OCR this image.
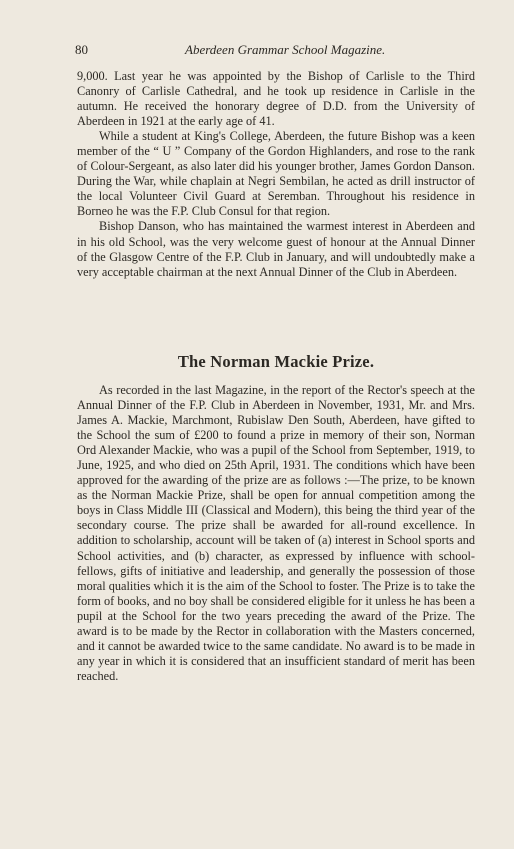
80	Aberdeen Grammar School Magazine.

9,000. Last year he was appointed by the Bishop of Carlisle to the Third Canonry of Carlisle Cathedral, and he took up residence in Carlisle in the autumn. He received the honorary degree of D.D. from the University of Aberdeen in 1921 at the early age of 41.

While a student at King's College, Aberdeen, the future Bishop was a keen member of the “ U ” Company of the Gordon Highlanders, and rose to the rank of Colour-Sergeant, as also later did his younger brother, James Gordon Danson. During the War, while chaplain at Negri Sembilan, he acted as drill instructor of the local Volunteer Civil Guard at Seremban. Throughout his residence in Borneo he was the F.P. Club Consul for that region.

Bishop Danson, who has maintained the warmest interest in Aberdeen and in his old School, was the very welcome guest of honour at the Annual Dinner of the Glasgow Centre of the F.P. Club in January, and will undoubtedly make a very acceptable chairman at the next Annual Dinner of the Club in Aberdeen.

The Norman Mackie Prize.

As recorded in the last Magazine, in the report of the Rector's speech at the Annual Dinner of the F.P. Club in Aberdeen in November, 1931, Mr. and Mrs. James A. Mackie, Marchmont, Rubislaw Den South, Aberdeen, have gifted to the School the sum of £200 to found a prize in memory of their son, Norman Ord Alexander Mackie, who was a pupil of the School from September, 1919, to June, 1925, and who died on 25th April, 1931. The conditions which have been approved for the awarding of the prize are as follows :—The prize, to be known as the Norman Mackie Prize, shall be open for annual competition among the boys in Class Middle III (Classical and Modern), this being the third year of the secondary course. The prize shall be awarded for all-round excellence. In addition to scholarship, account will be taken of (a) interest in School sports and School activities, and (b) character, as expressed by influence with school-fellows, gifts of initiative and leadership, and generally the possession of those moral qualities which it is the aim of the School to foster. The Prize is to take the form of books, and no boy shall be considered eligible for it unless he has been a pupil at the School for the two years preceding the award of the Prize. The award is to be made by the Rector in collaboration with the Masters concerned, and it cannot be awarded twice to the same candidate. No award is to be made in any year in which it is considered that an insufficient standard of merit has been reached.
